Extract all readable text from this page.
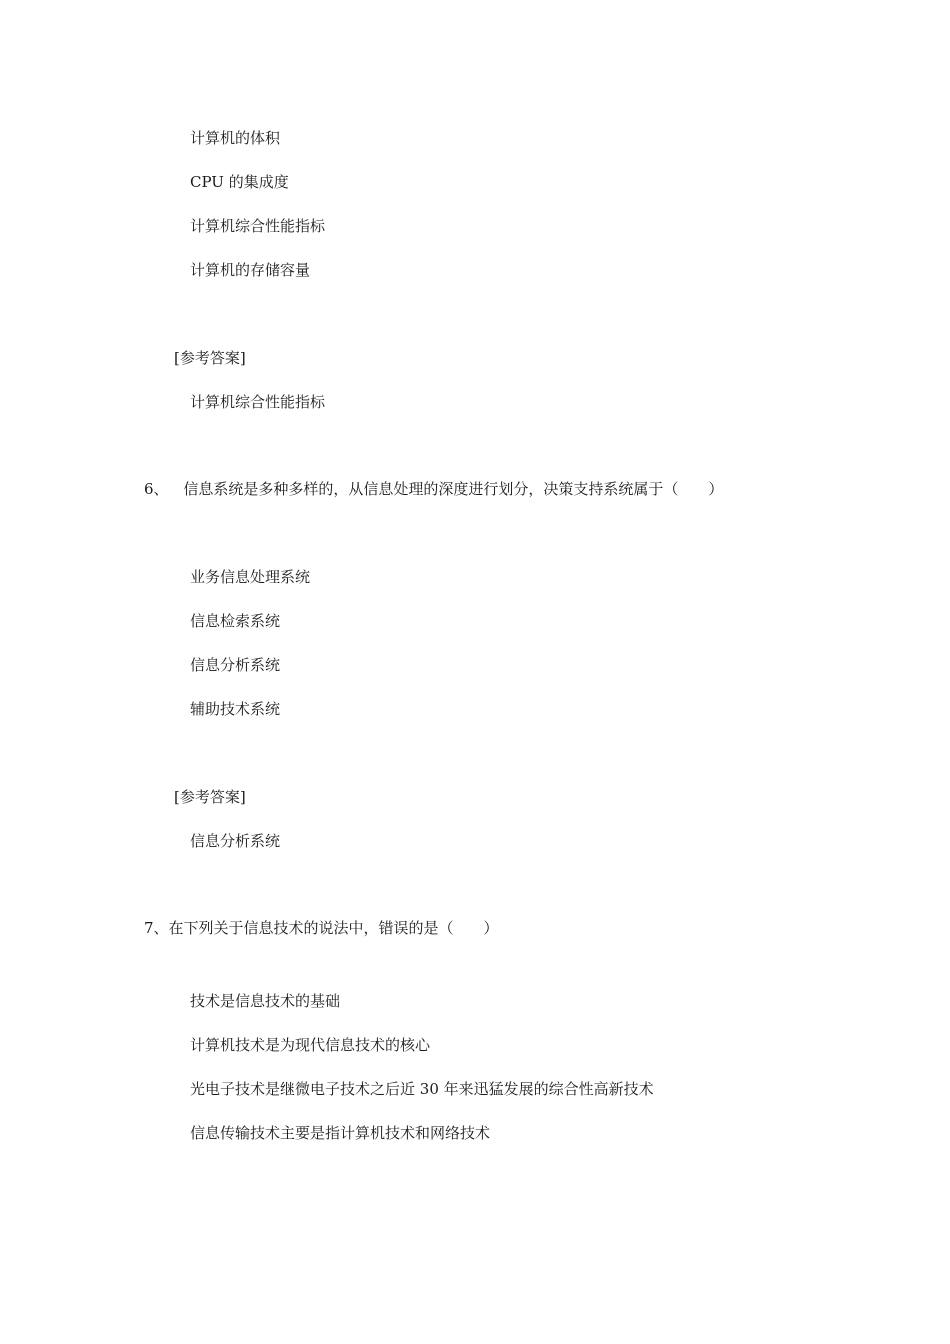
计算机的体积
CPU 的集成度
计算机综合性能指标
计算机的存储容量
[参考答案]
计算机综合性能指标
6、 信息系统是多种多样的，从信息处理的深度进行划分，决策支持系统属于（　　）
业务信息处理系统
信息检索系统
信息分析系统
辅助技术系统
[参考答案]
信息分析系统
7、在下列关于信息技术的说法中，错误的是（　　）
技术是信息技术的基础
计算机技术是为现代信息技术的核心
光电子技术是继微电子技术之后近 30 年来迅猛发展的综合性高新技术
信息传输技术主要是指计算机技术和网络技术
